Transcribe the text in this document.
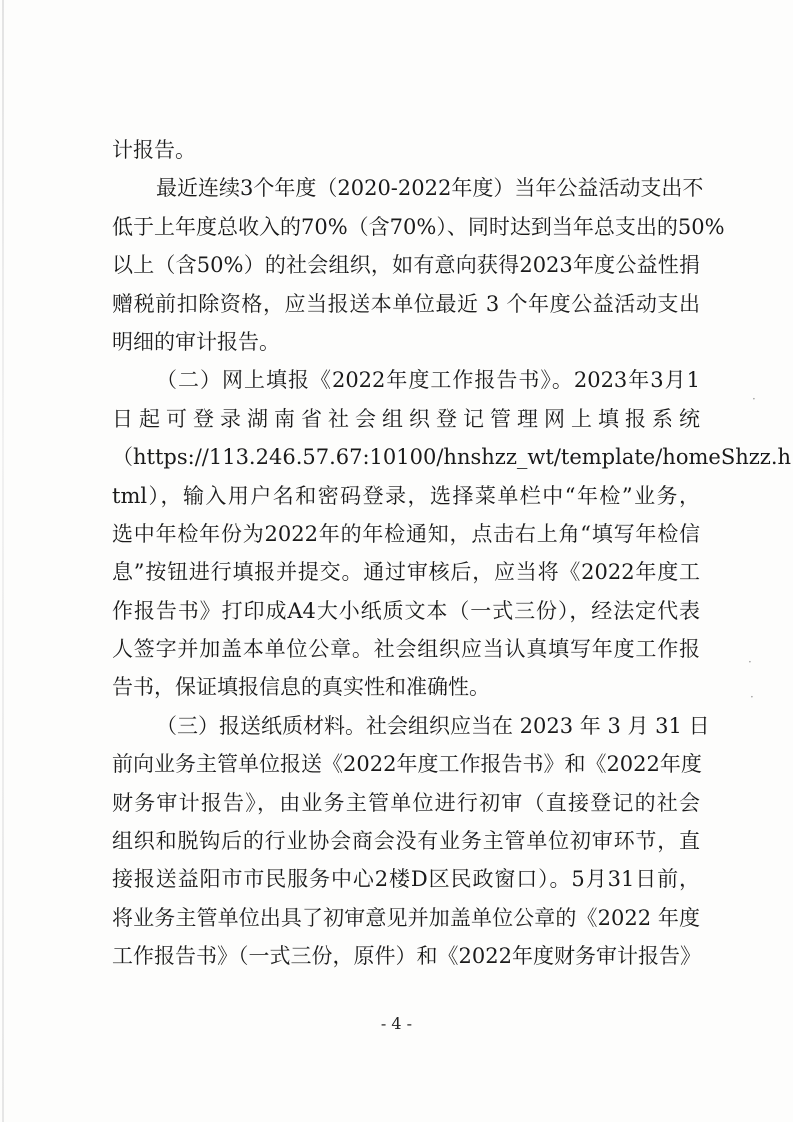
计报告。
最近连续3个年度（2020-2022年度）当年公益活动支出不
低于上年度总收入的70%（含70%）、同时达到当年总支出的50%
以上（含50%）的社会组织，如有意向获得2023年度公益性捐
赠税前扣除资格，应当报送本单位最近 3 个年度公益活动支出
明细的审计报告。
（二）网上填报《2022年度工作报告书》。2023年3月1
日起可登录湖南省社会组织登记管理网上填报系统
（https://113.246.57.67:10100/hnshzz_wt/template/homeShzz.h
tml），输入用户名和密码登录，选择菜单栏中“年检”业务，
选中年检年份为2022年的年检通知，点击右上角“填写年检信
息”按钮进行填报并提交。通过审核后，应当将《2022年度工
作报告书》打印成A4大小纸质文本（一式三份），经法定代表
人签字并加盖本单位公章。社会组织应当认真填写年度工作报
告书，保证填报信息的真实性和准确性。
（三）报送纸质材料。社会组织应当在 2023 年 3 月 31 日
前向业务主管单位报送《2022年度工作报告书》和《2022年度
财务审计报告》，由业务主管单位进行初审（直接登记的社会
组织和脱钩后的行业协会商会没有业务主管单位初审环节，直
接报送益阳市市民服务中心2楼D区民政窗口）。5月31日前，
将业务主管单位出具了初审意见并加盖单位公章的《2022 年度
工作报告书》（一式三份，原件）和《2022年度财务审计报告》
- 4 -
·
·
·
